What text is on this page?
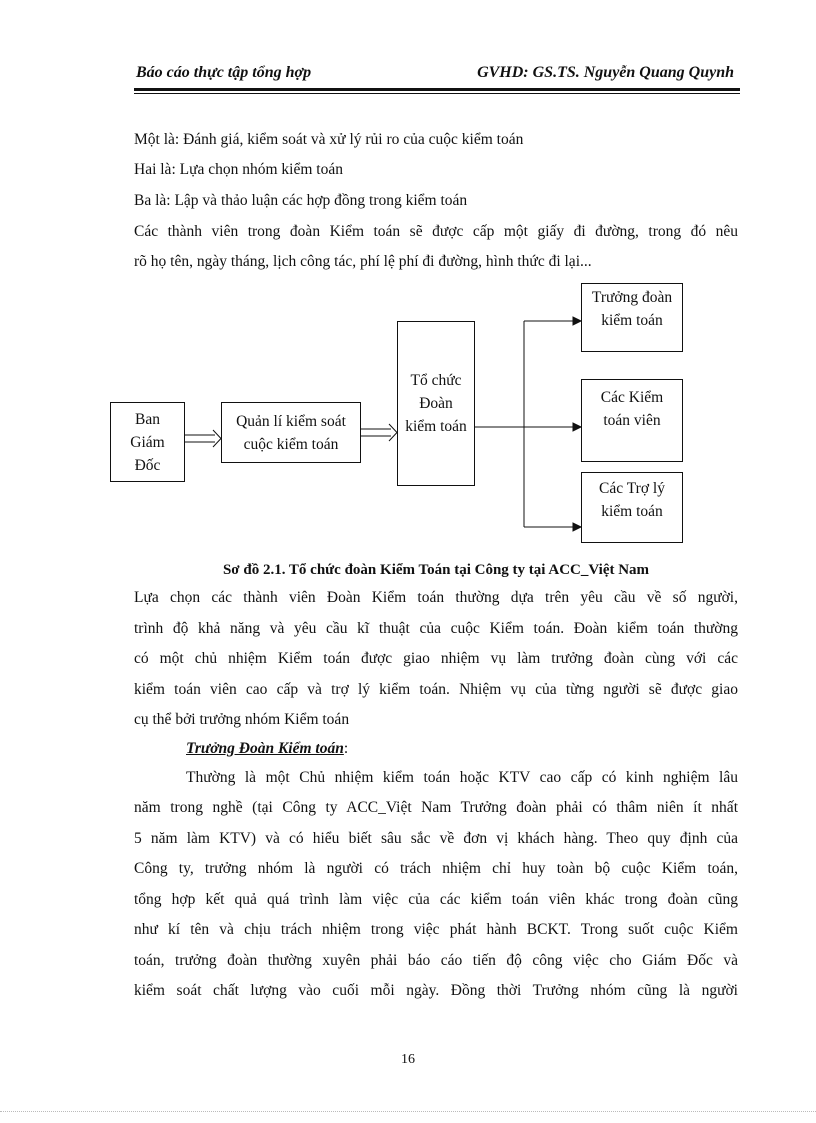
Báo cáo thực tập tổng hợp	GVHD: GS.TS. Nguyễn Quang Quynh
Một là: Đánh giá, kiểm soát và xử lý rủi ro của cuộc kiểm toán
Hai là: Lựa chọn nhóm kiểm toán
Ba là: Lập và thảo luận các hợp đồng trong kiểm toán
Các thành viên trong đoàn Kiểm toán sẽ được cấp một giấy đi đường, trong đó nêu
rõ họ tên, ngày tháng, lịch công tác, phí lệ phí đi đường, hình thức đi lại...
Ban
Giám
Đốc
Quản lí kiểm soát
cuộc kiểm toán
Tổ chức
Đoàn
kiểm toán
Trưởng đoàn
kiểm toán
Các Kiểm
toán viên
Các Trợ lý
kiểm toán
Sơ đồ 2.1. Tổ chức đoàn Kiểm Toán tại Công ty tại ACC_Việt Nam
Lựa chọn các thành viên Đoàn Kiểm toán thường dựa trên yêu cầu về số người,
trình độ khả năng và yêu cầu kĩ thuật của cuộc Kiểm toán. Đoàn kiểm toán thường
có một chủ nhiệm Kiểm toán được giao nhiệm vụ làm trưởng đoàn cùng với các
kiểm toán viên cao cấp và trợ lý kiểm toán. Nhiệm vụ của từng người sẽ được giao
cụ thể bởi trưởng nhóm Kiểm toán
Trưởng Đoàn Kiểm toán:
Thường là một Chủ nhiệm kiểm toán hoặc KTV cao cấp có kinh nghiệm lâu
năm trong nghề (tại Công ty ACC_Việt Nam Trưởng đoàn phải có thâm niên ít nhất
5 năm làm KTV) và có hiểu biết sâu sắc về đơn vị khách hàng. Theo quy định của
Công ty, trưởng nhóm là người có trách nhiệm chỉ huy toàn bộ cuộc Kiểm toán,
tổng hợp kết quả quá trình làm việc của các kiểm toán viên khác trong đoàn cũng
như kí tên và chịu trách nhiệm trong việc phát hành BCKT. Trong suốt cuộc Kiểm
toán, trưởng đoàn thường xuyên phải báo cáo tiến độ công việc cho Giám Đốc và
kiểm soát chất lượng vào cuối mỗi ngày. Đồng thời Trưởng nhóm cũng là người
16
